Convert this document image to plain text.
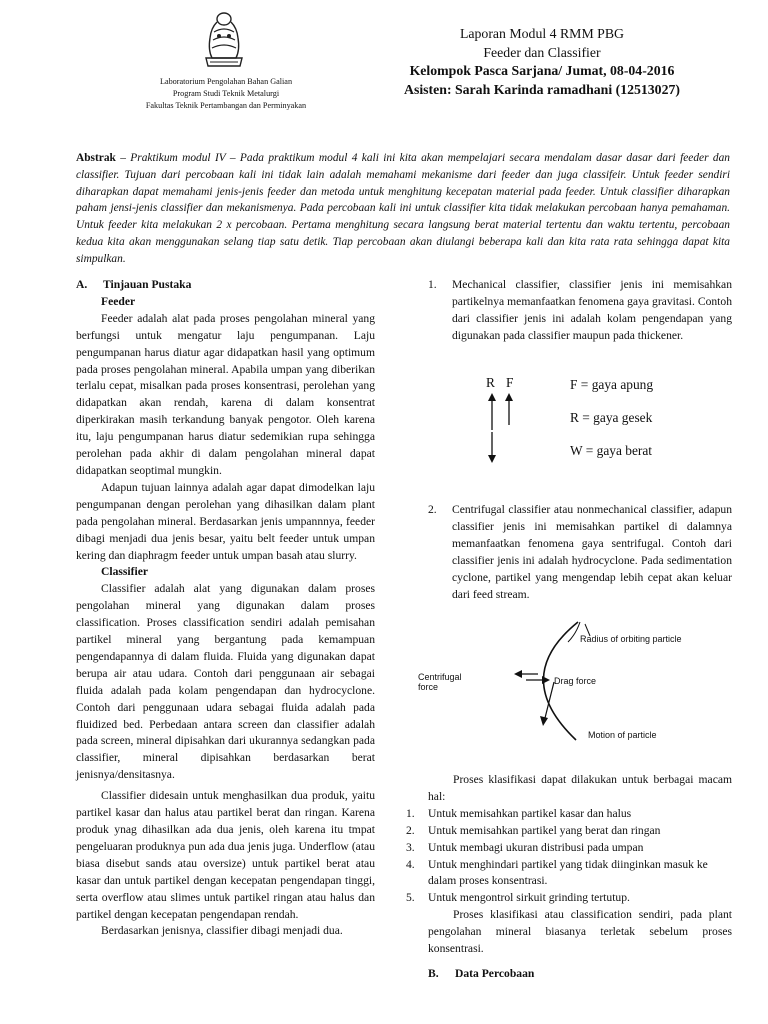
Laboratorium Pengolahan Bahan Galian
Program Studi Teknik Metalurgi
Fakultas Teknik Pertambangan dan Perminyakan
Laporan Modul 4 RMM PBG
Feeder dan Classifier
Kelompok Pasca Sarjana/ Jumat, 08-04-2016
Asisten: Sarah Karinda ramadhani (12513027)
Abstrak – Praktikum modul IV – Pada praktikum modul 4 kali ini kita akan mempelajari secara mendalam dasar dasar dari feeder dan classifier. Tujuan dari percobaan kali ini tidak lain adalah memahami mekanisme dari feeder dan juga classifeir. Untuk feeder sendiri diharapkan dapat memahami jenis-jenis feeder dan metoda untuk menghitung kecepatan material pada feeder. Untuk classifier diharapkan paham jensi-jenis classifier dan mekanismenya. Pada percobaan kali ini untuk classifier kita tidak melakukan percobaan hanya pemahaman. Untuk feeder kita melakukan 2 x percobaan. Pertama menghitung secara langsung berat material tertentu dan waktu tertentu, percobaan kedua kita akan menggunakan selang tiap satu detik. Tiap percobaan akan diulangi beberapa kali dan kita rata rata sehingga dapat kita simpulkan.
A.	Tinjauan Pustaka
Feeder

Feeder adalah alat pada proses pengolahan mineral yang berfungsi untuk mengatur laju pengumpanan. Laju pengumpanan harus diatur agar didapatkan hasil yang optimum pada proses pengolahan mineral. Apabila umpan yang diberikan terlalu cepat, misalkan pada proses konsentrasi, perolehan yang didapatkan akan rendah, karena di dalam konsentrat diperkirakan masih terkandung banyak pengotor. Oleh karena itu, laju pengumpanan harus diatur sedemikian rupa sehingga perolehan pada akhir di dalam pengolahan mineral dapat didapatkan seoptimal mungkin.

Adapun tujuan lainnya adalah agar dapat dimodelkan laju pengumpanan dengan perolehan yang dihasilkan dalam plant pada pengolahan mineral. Berdasarkan jenis umpannnya, feeder dibagi menjadi dua jenis besar, yaitu belt feeder untuk umpan kering dan diaphragm feeder untuk umpan basah atau slurry.

Classifier

Classifier adalah alat yang digunakan dalam proses pengolahan mineral yang digunakan dalam proses classification. Proses classification sendiri adalah pemisahan partikel mineral yang bergantung pada kemampuan pengendapannya di dalam fluida. Fluida yang digunakan dapat berupa air atau udara. Contoh dari penggunaan air sebagai fluida adalah pada kolam pengendapan dan hydrocyclone. Contoh dari penggunaan udara sebagai fluida adalah pada fluidized bed. Perbedaan antara screen dan classifier adalah pada screen, mineral dipisahkan dari ukurannya sedangkan pada classifier, mineral dipisahkan berdasarkan berat jenisnya/densitasnya.

Classifier didesain untuk menghasilkan dua produk, yaitu partikel kasar dan halus atau partikel berat dan ringan. Karena produk ynag dihasilkan ada dua jenis, oleh karena itu tmpat pengeluaran produknya pun ada dua jenis juga. Underflow (atau biasa disebut sands atau oversize) untuk partikel berat atau kasar dan untuk partikel dengan kecepatan pengendapan tinggi, serta overflow atau slimes untuk partikel ringan atau halus dan partikel dengan kecepatan pengendapan rendah.

Berdasarkan jenisnya, classifier dibagi menjadi dua.

1.	Mechanical classifier, classifier jenis ini memisahkan partikelnya memanfaatkan fenomena gaya gravitasi. Contoh dari classifier jenis ini adalah kolam pengendapan yang digunakan pada classifier maupun pada thickener.
R F	F = gaya apung
R = gaya gesek
W = gaya berat
2.	Centrifugal classifier atau nonmechanical classifier, adapun classifier jenis ini memisahkan partikel di dalamnya memanfaatkan fenomena gaya sentrifugal. Contoh dari classifier jenis ini adalah hydrocyclone. Pada sedimentation cyclone, partikel yang mengendap lebih cepat akan keluar dari feed stream.
Radius of orbiting particle
Centrifugal
force
Drag force
Motion of particle

Proses klasifikasi dapat dilakukan untuk berbagai macam hal:

1.	Untuk memisahkan partikel kasar dan halus
2.	Untuk memisahkan partikel yang berat dan ringan
3.	Untuk membagi ukuran distribusi pada umpan
4.	Untuk menghindari partikel yang tidak diinginkan masuk ke dalam proses konsentrasi.
5.	Untuk mengontrol sirkuit grinding tertutup.

Proses klasifikasi atau classification sendiri, pada plant pengolahan mineral biasanya terletak sebelum proses konsentrasi.

B.	Data Percobaan
